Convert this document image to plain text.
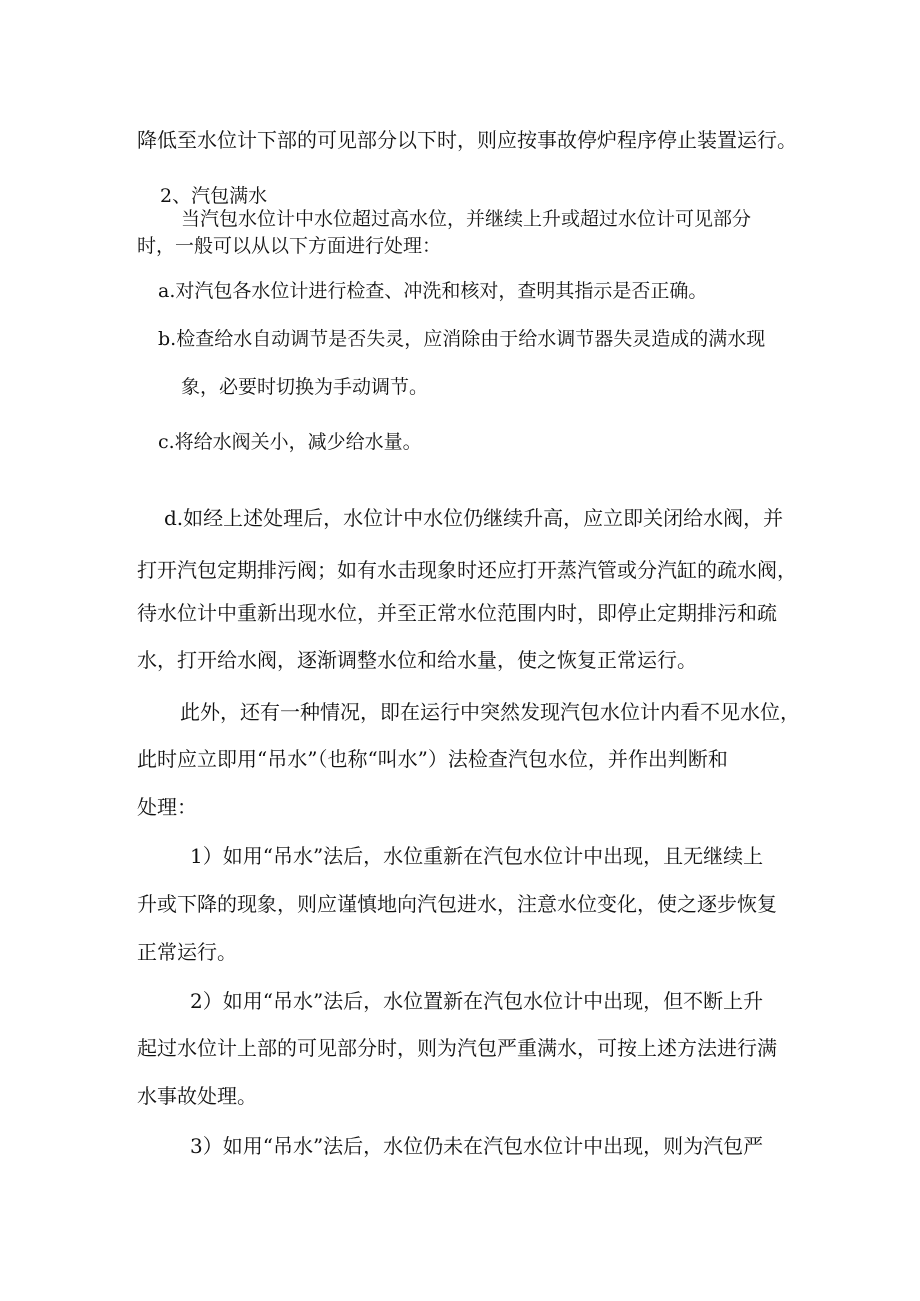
降低至水位计下部的可见部分以下时，则应按事故停炉程序停止装置运行。
2、汽包满水
当汽包水位计中水位超过高水位，并继续上升或超过水位计可见部分
时，一般可以从以下方面进行处理：
a.对汽包各水位计进行检查、冲洗和核对，查明其指示是否正确。
b.检查给水自动调节是否失灵，应消除由于给水调节器失灵造成的满水现
象，必要时切换为手动调节。
c.将给水阀关小，减少给水量。
d.如经上述处理后，水位计中水位仍继续升高，应立即关闭给水阀，并
打开汽包定期排污阀；如有水击现象时还应打开蒸汽管或分汽缸的疏水阀，
待水位计中重新出现水位，并至正常水位范围内时，即停止定期排污和疏
水，打开给水阀，逐渐调整水位和给水量，使之恢复正常运行。
此外，还有一种情况，即在运行中突然发现汽包水位计内看不见水位，
此时应立即用“吊水”（也称“叫水”）法检查汽包水位，并作出判断和
处理：
1）如用“吊水”法后，水位重新在汽包水位计中出现，且无继续上
升或下降的现象，则应谨慎地向汽包进水，注意水位变化，使之逐步恢复
正常运行。
2）如用“吊水”法后，水位置新在汽包水位计中出现，但不断上升
起过水位计上部的可见部分时，则为汽包严重满水，可按上述方法进行满
水事故处理。
3）如用“吊水”法后，水位仍未在汽包水位计中出现，则为汽包严
